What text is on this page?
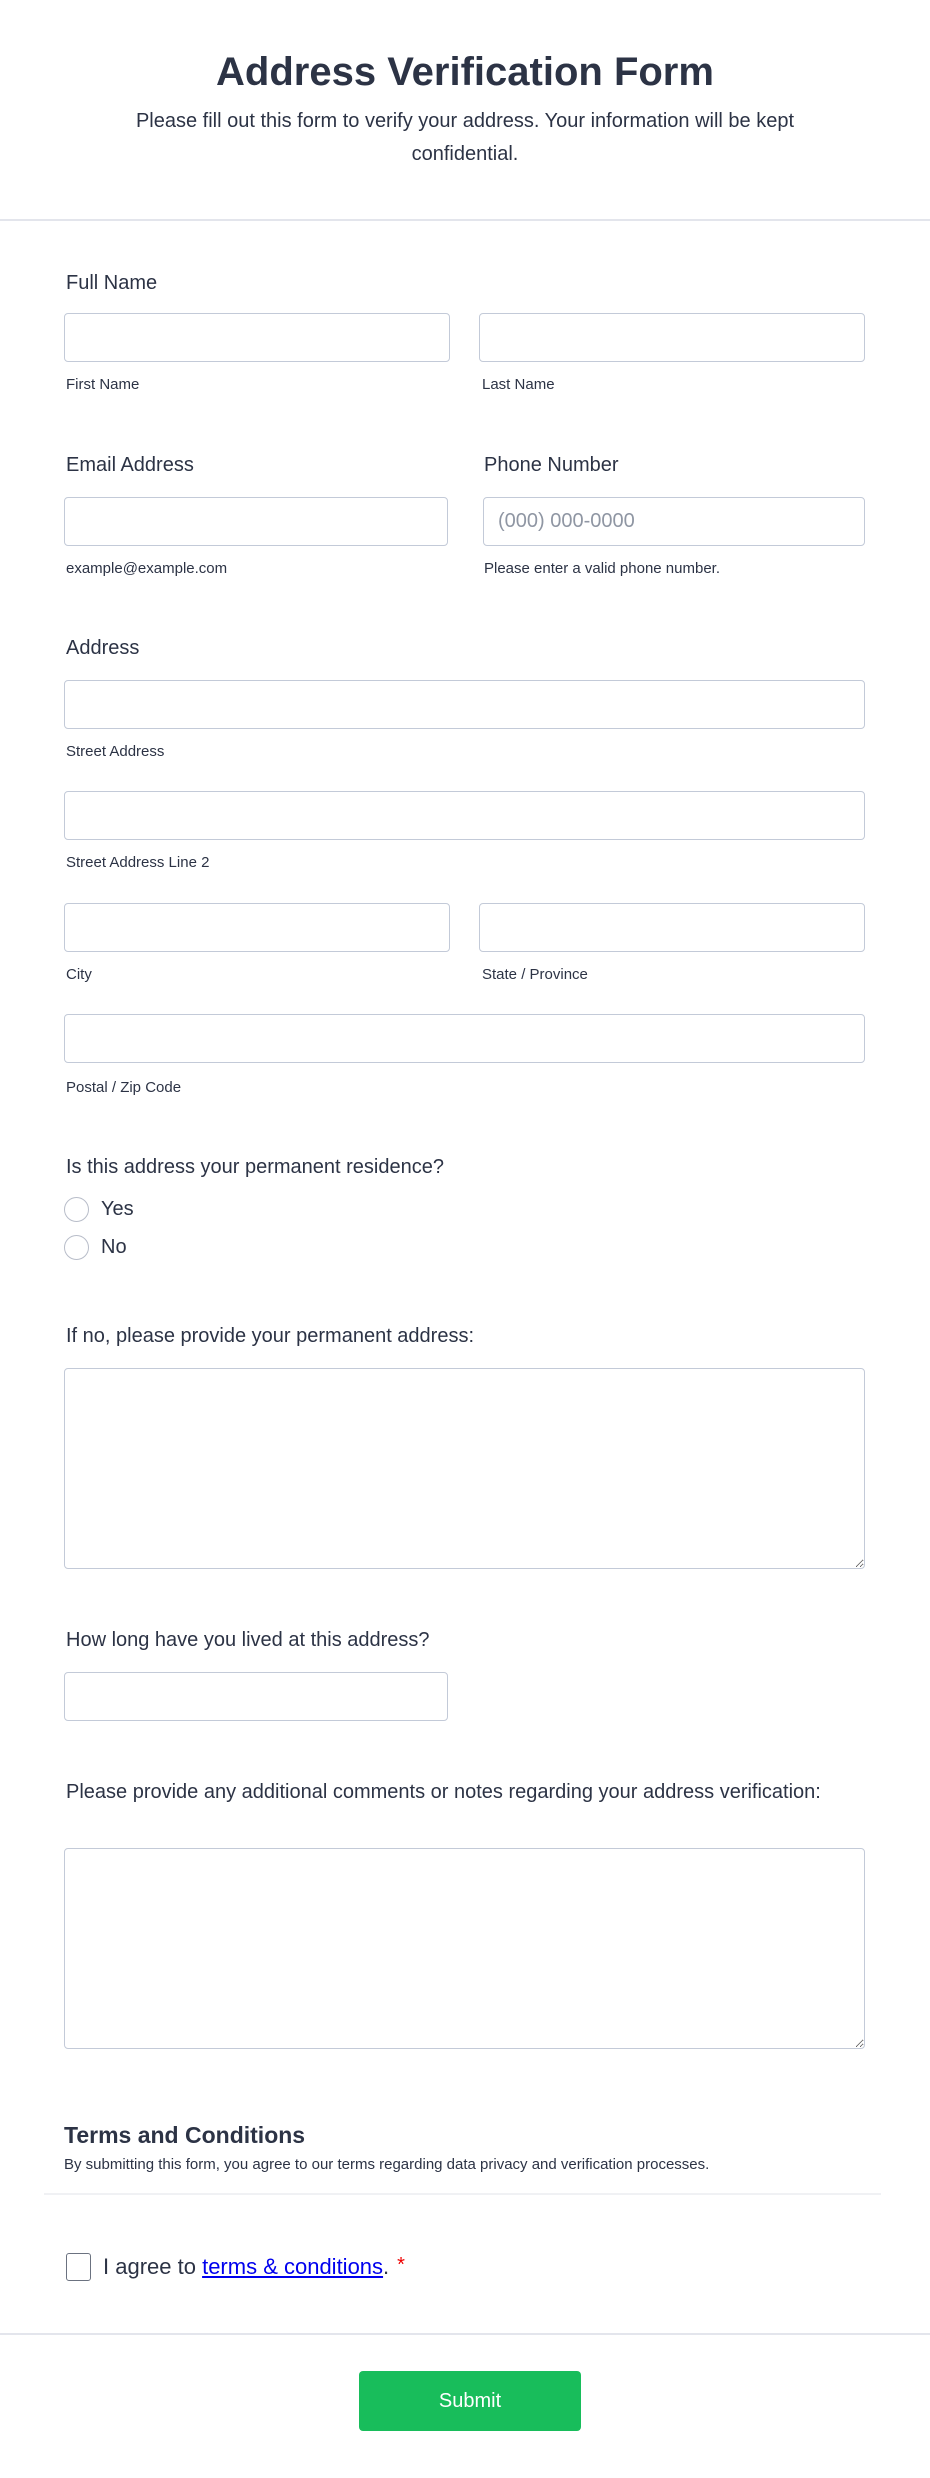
Address Verification Form
Please fill out this form to verify your address. Your information will be kept confidential.
Full Name
First Name	Last Name
Email Address
example@example.com
Phone Number
(000) 000-0000
Please enter a valid phone number.
Address
Street Address
Street Address Line 2
City	State / Province
Postal / Zip Code
Is this address your permanent residence?
Yes
No
If no, please provide your permanent address:
How long have you lived at this address?
Please provide any additional comments or notes regarding your address verification:
Terms and Conditions
By submitting this form, you agree to our terms regarding data privacy and verification processes.
I agree to terms & conditions. *
Submit
